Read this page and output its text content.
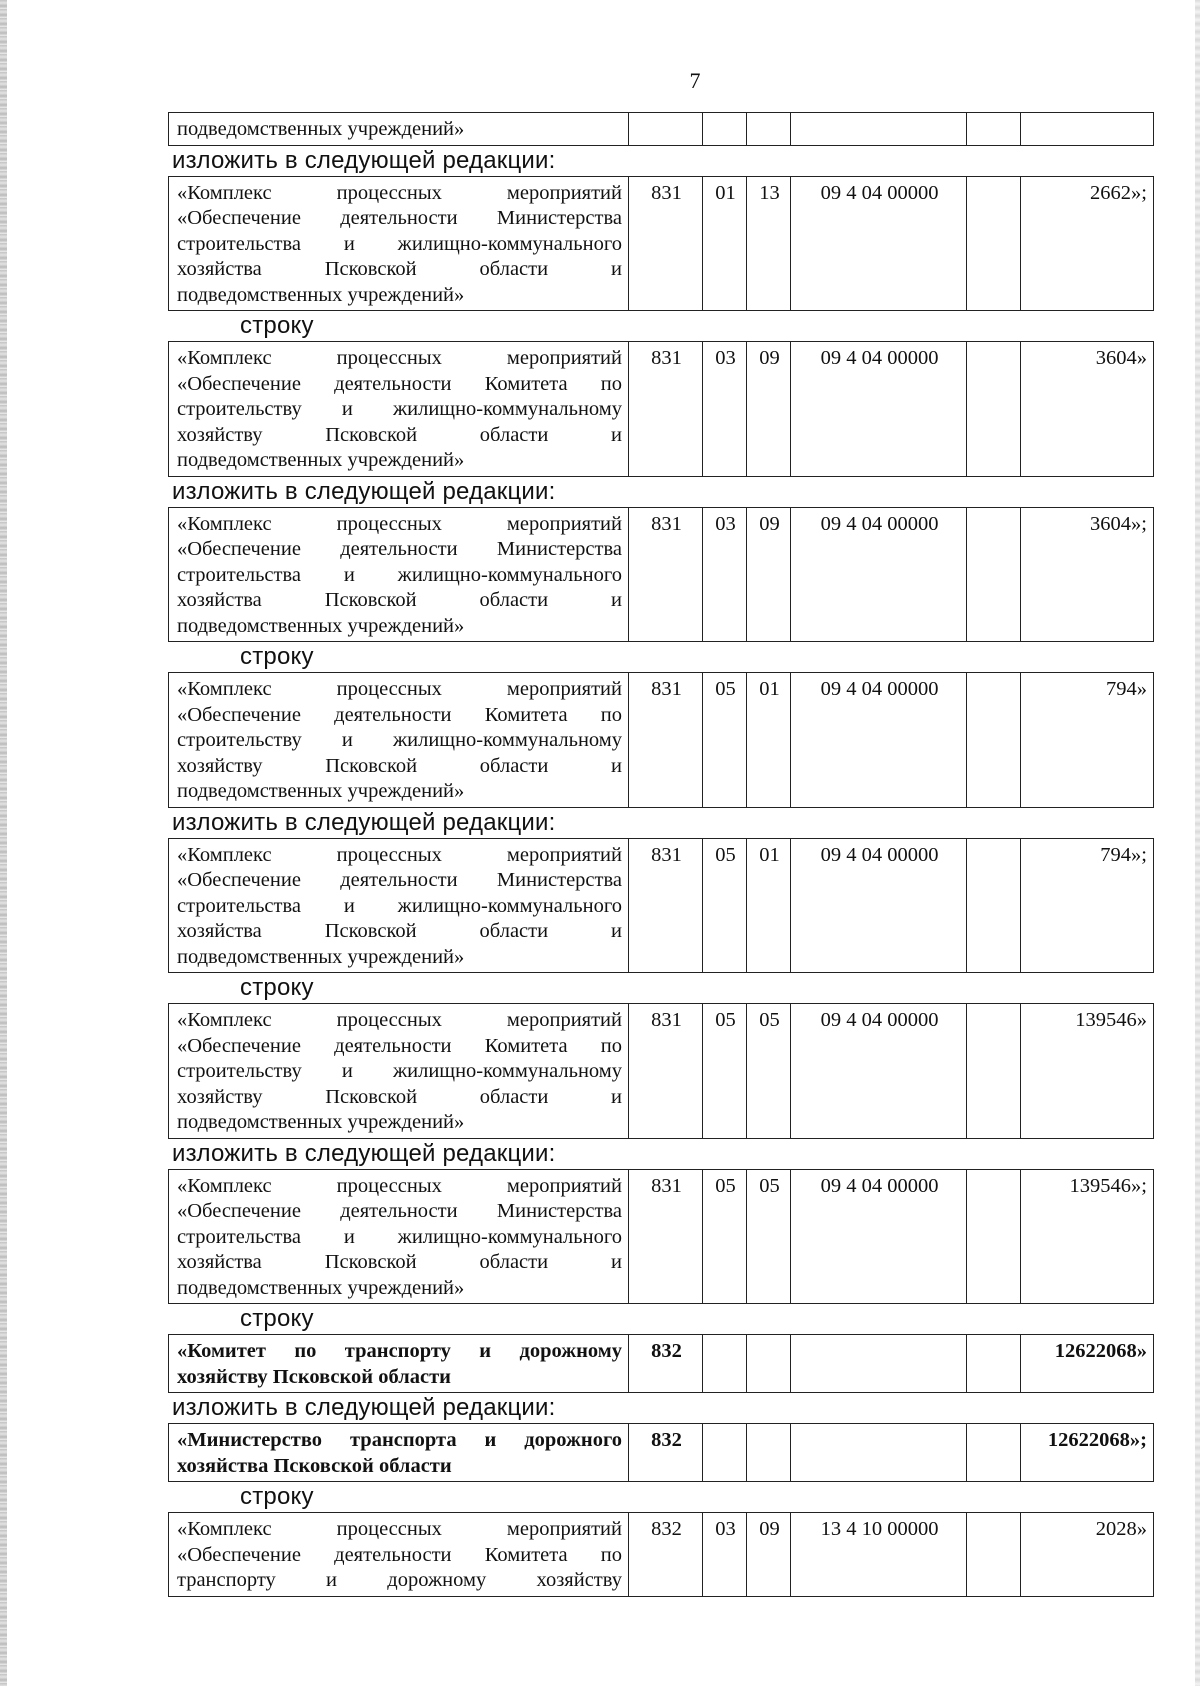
7
подведомственных учреждений»

изложить в следующей редакции:
«Комплекс процессных мероприятий
«Обеспечение деятельности Министерства
строительства и жилищно-коммунального
хозяйства Псковской области и
подведомственных учреждений»
	831	01	13	09 4 04 00000		2662»;
строку
«Комплекс процессных мероприятий
«Обеспечение деятельности Комитета по
строительству и жилищно-коммунальному
хозяйству Псковской области и
подведомственных учреждений»
	831	03	09	09 4 04 00000		3604»
изложить в следующей редакции:
«Комплекс процессных мероприятий
«Обеспечение деятельности Министерства
строительства и жилищно-коммунального
хозяйства Псковской области и
подведомственных учреждений»
	831	03	09	09 4 04 00000		3604»;
строку
«Комплекс процессных мероприятий
«Обеспечение деятельности Комитета по
строительству и жилищно-коммунальному
хозяйству Псковской области и
подведомственных учреждений»
	831	05	01	09 4 04 00000		794»
изложить в следующей редакции:
«Комплекс процессных мероприятий
«Обеспечение деятельности Министерства
строительства и жилищно-коммунального
хозяйства Псковской области и
подведомственных учреждений»
	831	05	01	09 4 04 00000		794»;
строку
«Комплекс процессных мероприятий
«Обеспечение деятельности Комитета по
строительству и жилищно-коммунальному
хозяйству Псковской области и
подведомственных учреждений»
	831	05	05	09 4 04 00000		139546»
изложить в следующей редакции:
«Комплекс процессных мероприятий
«Обеспечение деятельности Министерства
строительства и жилищно-коммунального
хозяйства Псковской области и
подведомственных учреждений»
	831	05	05	09 4 04 00000		139546»;
строку
«Комитет по транспорту и дорожному
хозяйству Псковской области
	832					12622068»
изложить в следующей редакции:
«Министерство транспорта и дорожного
хозяйства Псковской области
	832					12622068»;
строку
«Комплекс процессных мероприятий
«Обеспечение деятельности Комитета по
транспорту и дорожному хозяйству
	832	03	09	13 4 10 00000		2028»
